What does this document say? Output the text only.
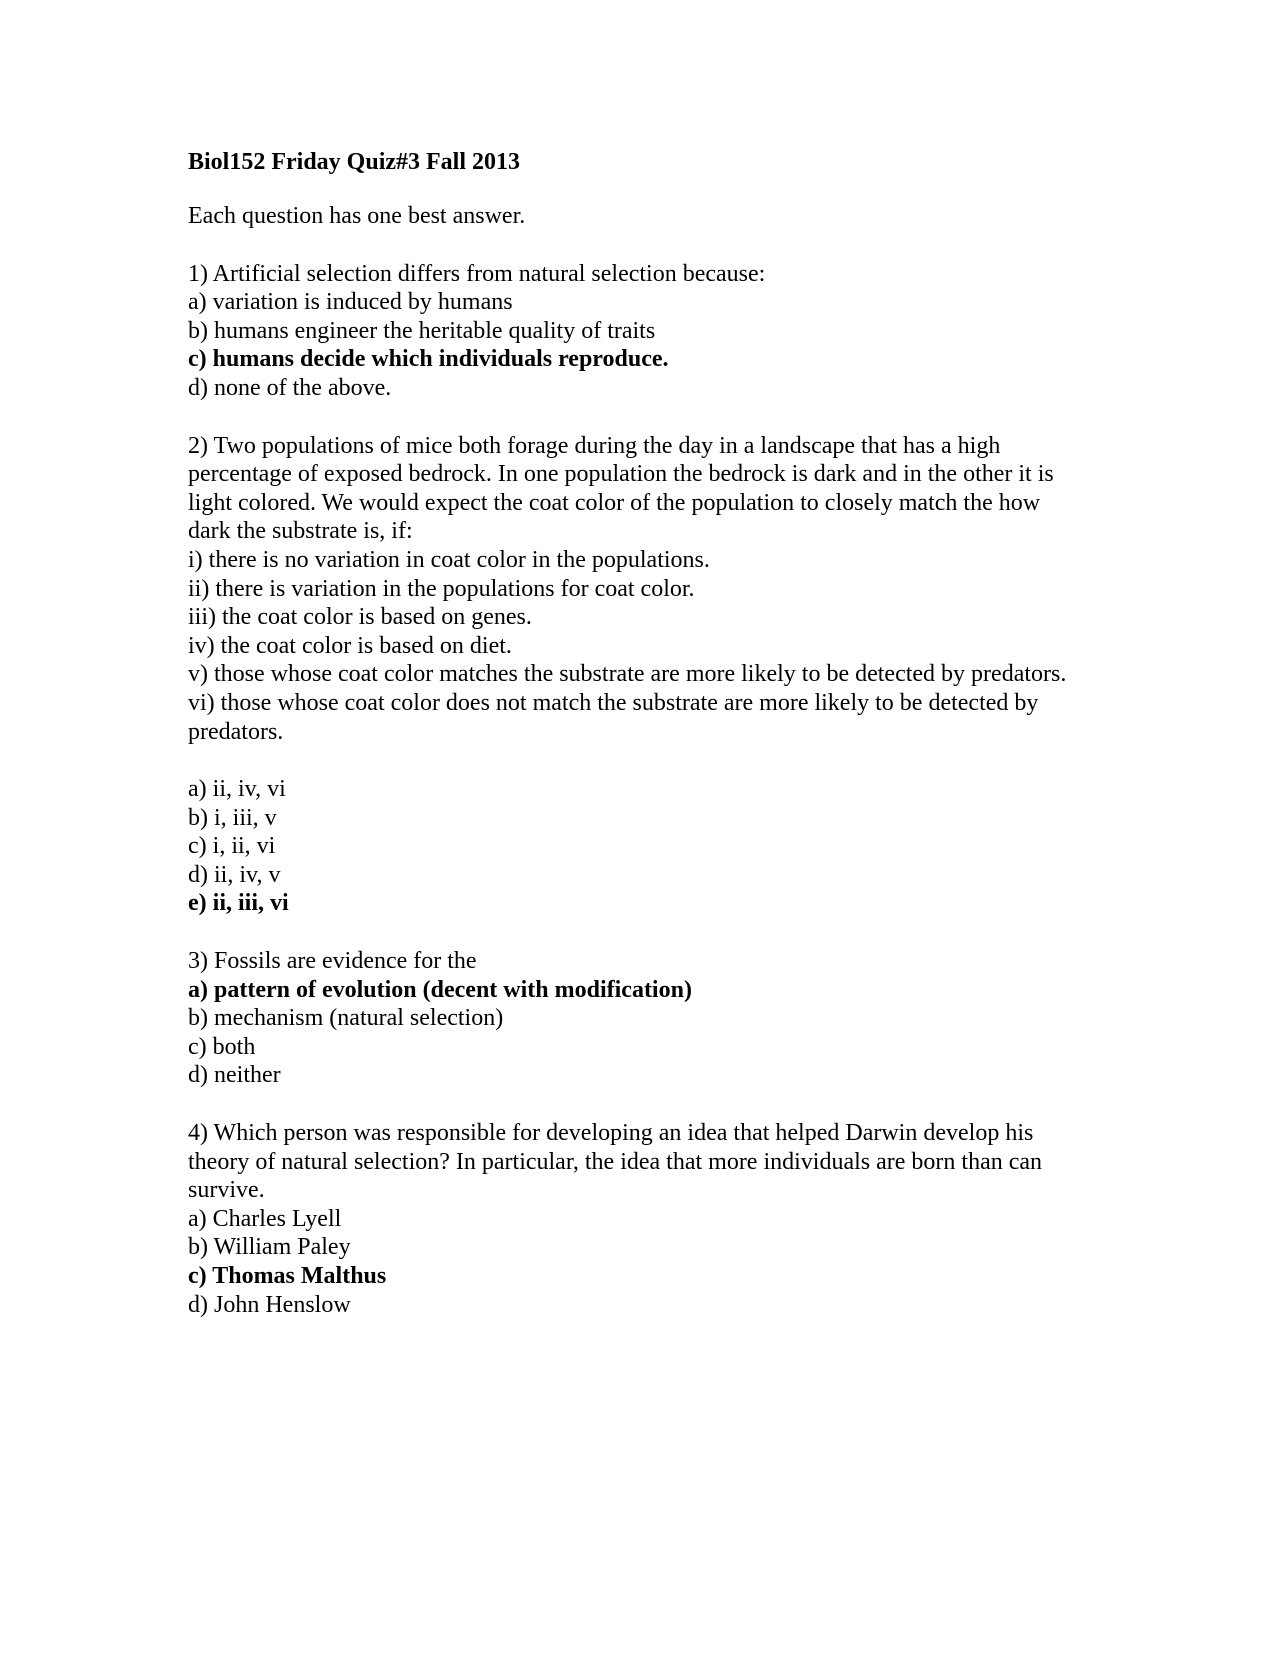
Biol152 Friday Quiz#3 Fall 2013
Each question has one best answer.
1) Artificial selection differs from natural selection because:
a) variation is induced by humans
b) humans engineer the heritable quality of traits
c) humans decide which individuals reproduce.
d) none of the above.
2) Two populations of mice both forage during the day in a landscape that has a high percentage of exposed bedrock. In one population the bedrock is dark and in the other it is light colored. We would expect the coat color of the population to closely match the how dark the substrate is, if:
i) there is no variation in coat color in the populations.
ii) there is variation in the populations for coat color.
iii) the coat color is based on genes.
iv) the coat color is based on diet.
v) those whose coat color matches the substrate are more likely to be detected by predators.
vi) those whose coat color does not match the substrate are more likely to be detected by predators.
a) ii, iv, vi
b) i, iii, v
c) i, ii, vi
d) ii, iv, v
e) ii, iii, vi
3) Fossils are evidence for the
a) pattern of evolution (decent with modification)
b) mechanism (natural selection)
c) both
d) neither
4) Which person was responsible for developing an idea that helped Darwin develop his theory of natural selection? In particular, the idea that more individuals are born than can survive.
a) Charles Lyell
b) William Paley
c) Thomas Malthus
d) John Henslow
